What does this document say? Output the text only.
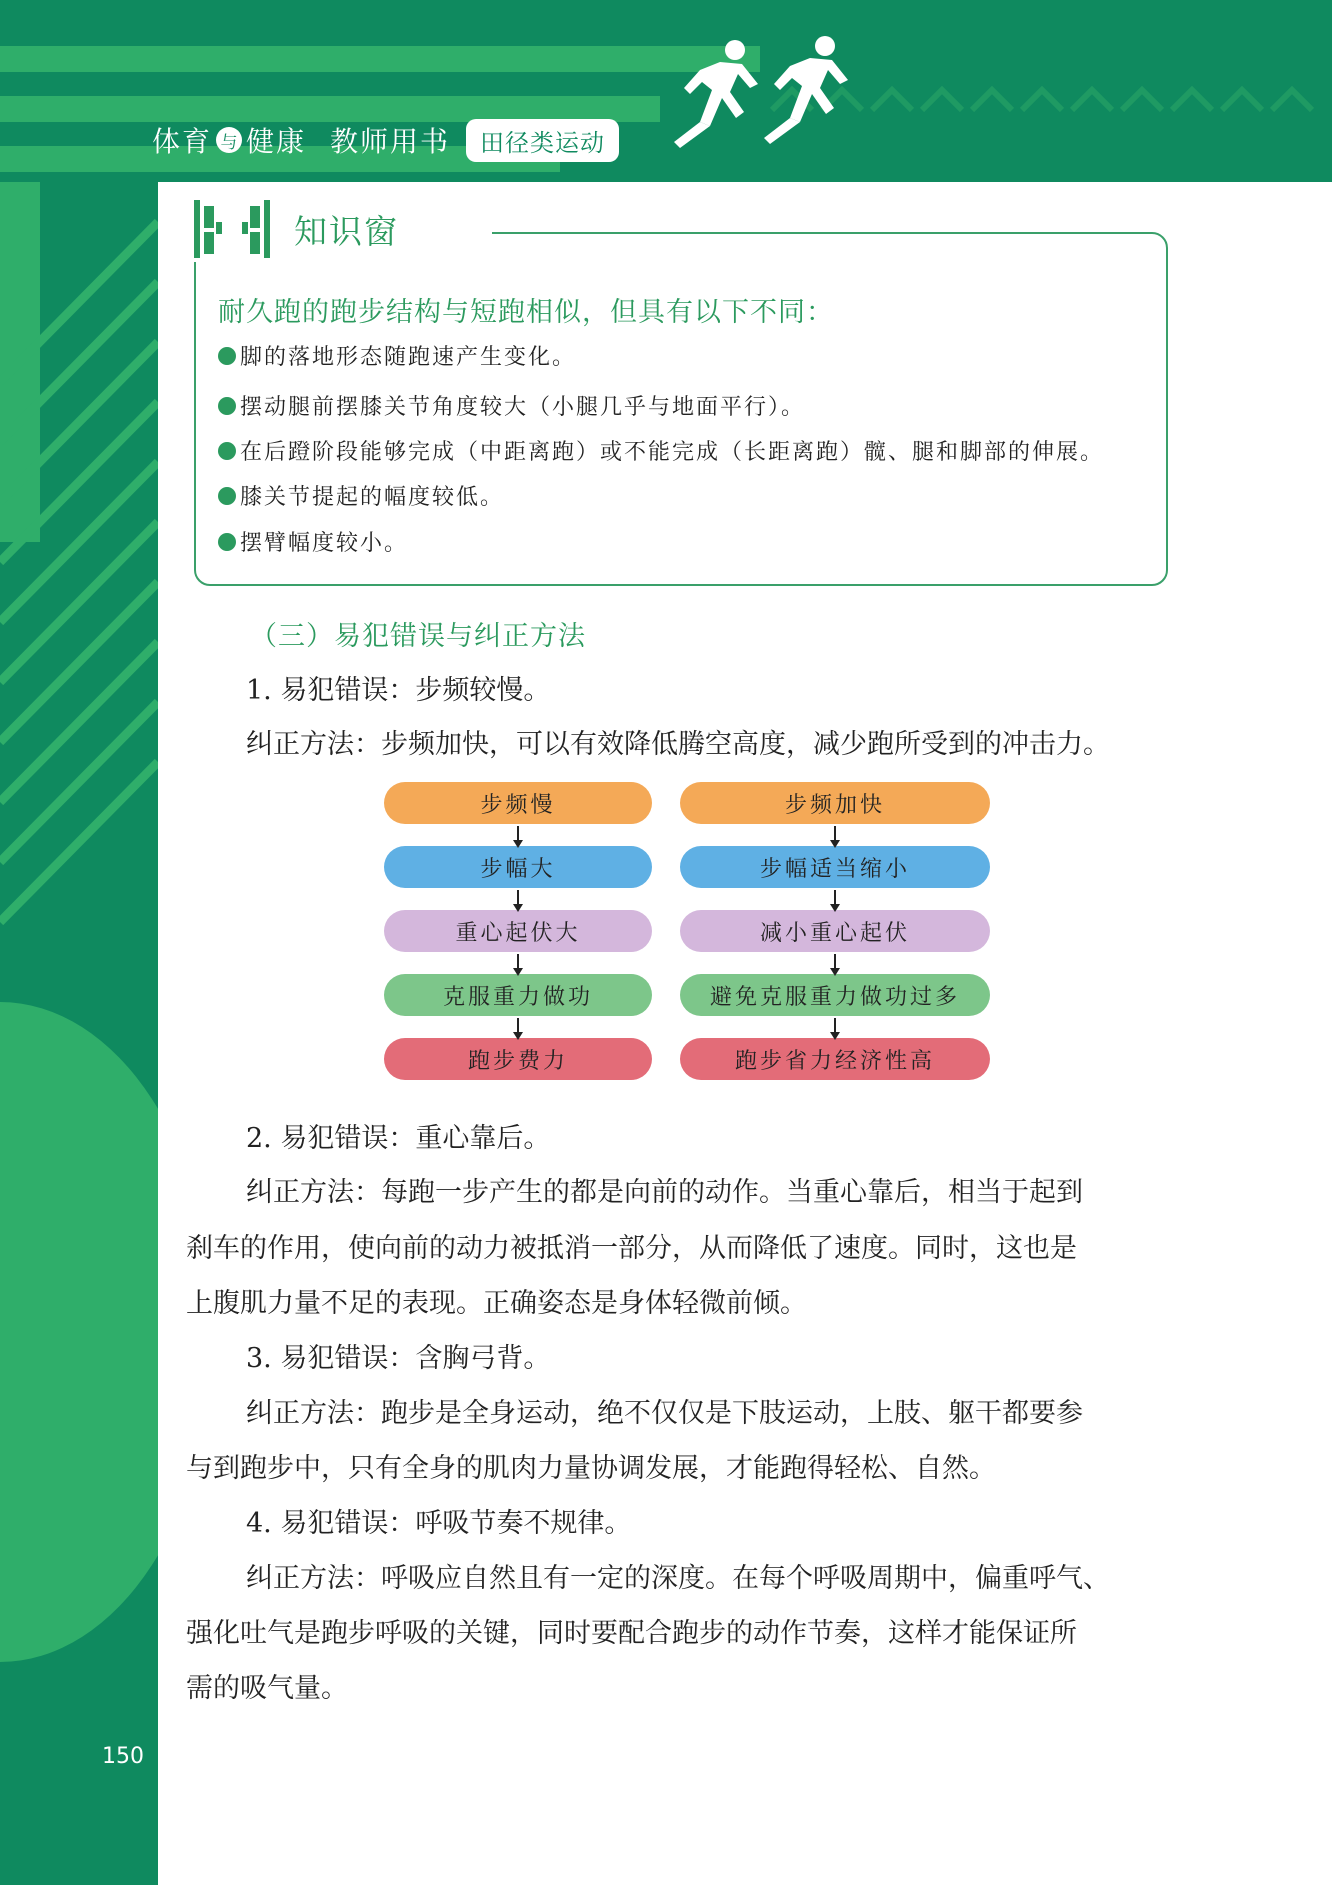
体育 与 健康 教师用书	田径类运动
150
知识窗
耐久跑的跑步结构与短跑相似，但具有以下不同：
脚的落地形态随跑速产生变化。
摆动腿前摆膝关节角度较大（小腿几乎与地面平行）。
在后蹬阶段能够完成（中距离跑）或不能完成（长距离跑）髋、腿和脚部的伸展。
膝关节提起的幅度较低。
摆臂幅度较小。
（三）易犯错误与纠正方法
1. 易犯错误：步频较慢。
纠正方法：步频加快，可以有效降低腾空高度，减少跑所受到的冲击力。
步频慢
步幅大
重心起伏大
克服重力做功
跑步费力
步频加快
步幅适当缩小
减小重心起伏
避免克服重力做功过多
跑步省力经济性高
2. 易犯错误：重心靠后。
纠正方法：每跑一步产生的都是向前的动作。当重心靠后，相当于起到
刹车的作用，使向前的动力被抵消一部分，从而降低了速度。同时，这也是
上腹肌力量不足的表现。正确姿态是身体轻微前倾。
3. 易犯错误：含胸弓背。
纠正方法：跑步是全身运动，绝不仅仅是下肢运动，上肢、躯干都要参
与到跑步中，只有全身的肌肉力量协调发展，才能跑得轻松、自然。
4. 易犯错误：呼吸节奏不规律。
纠正方法：呼吸应自然且有一定的深度。在每个呼吸周期中，偏重呼气、
强化吐气是跑步呼吸的关键，同时要配合跑步的动作节奏，这样才能保证所
需的吸气量。
